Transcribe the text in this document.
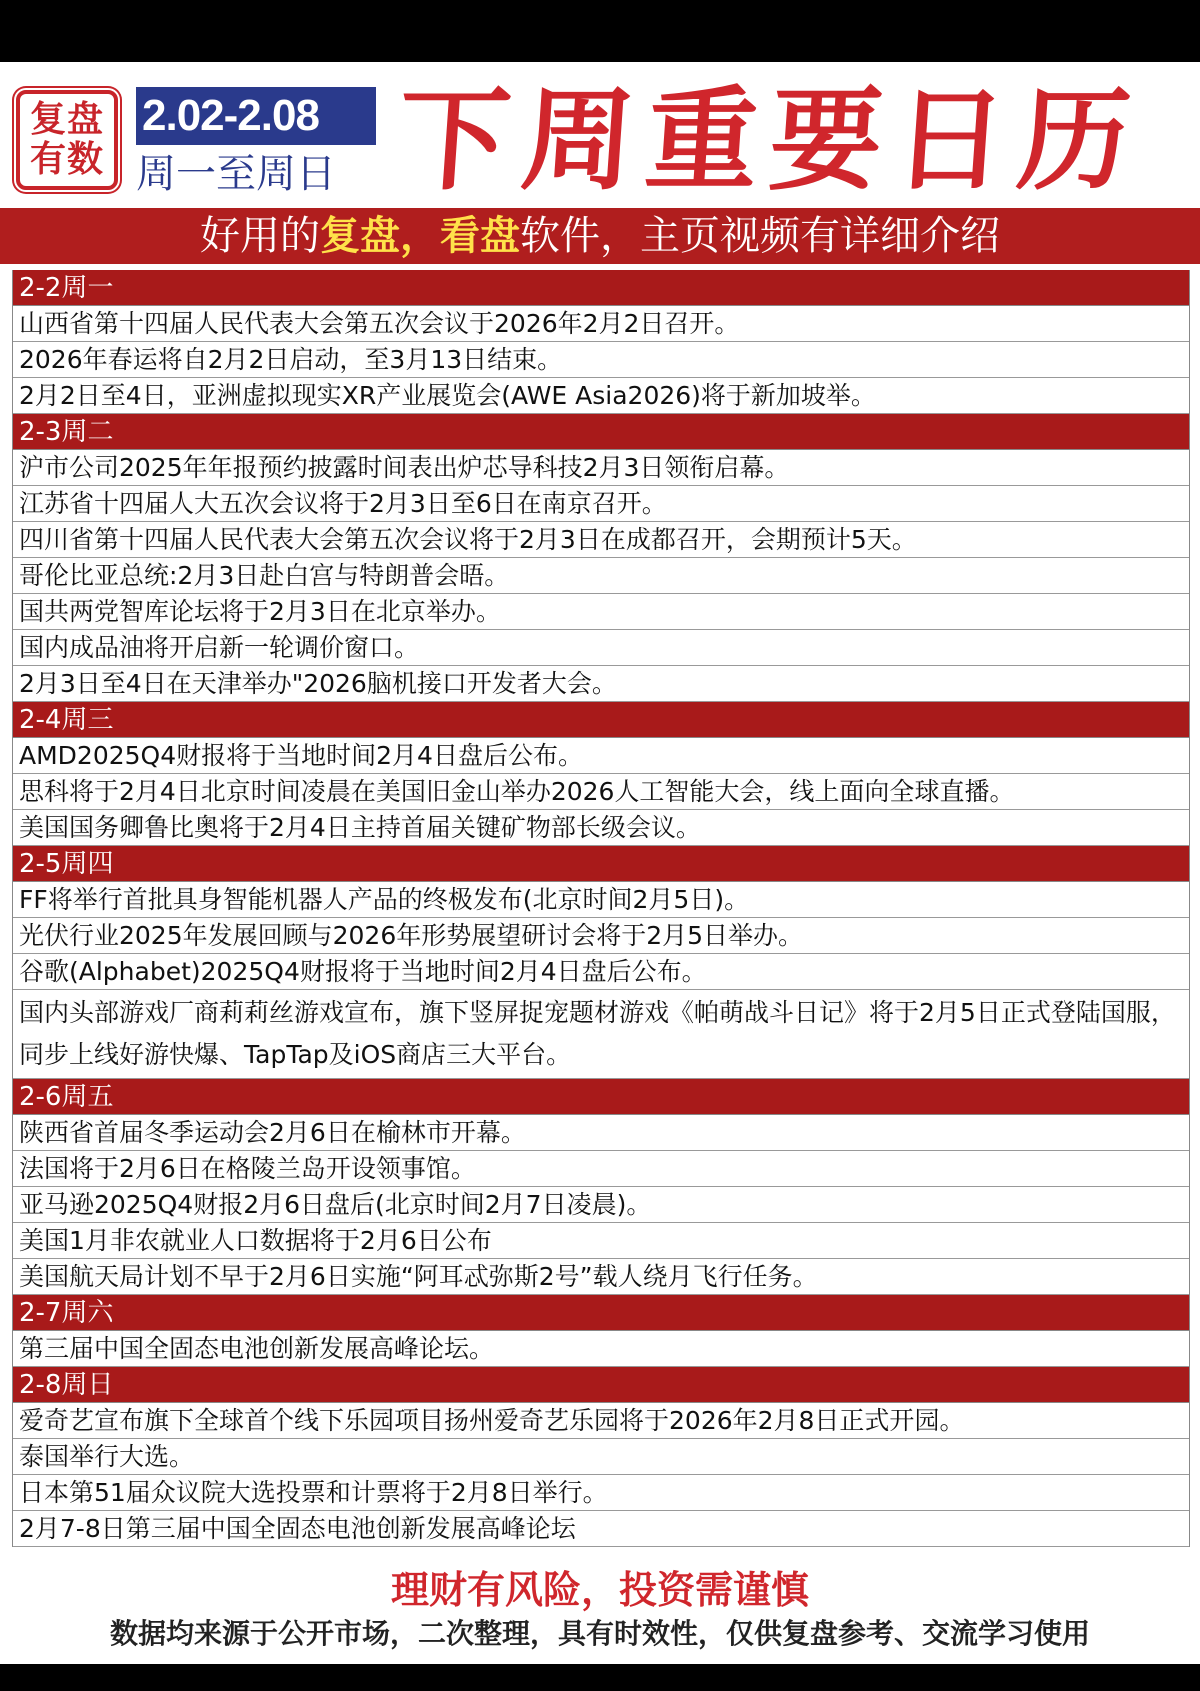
复盘
有数
2.02-2.08
周一至周日 下周重要日历
好用的复盘，看盘软件，主页视频有详细介绍
2-2周一
山西省第十四届人民代表大会第五次会议于2026年2月2日召开。
2026年春运将自2月2日启动，至3月13日结束。
2月2日至4日，亚洲虚拟现实XR产业展览会(AWE Asia2026)将于新加坡举。
2-3周二
沪市公司2025年年报预约披露时间表出炉芯导科技2月3日领衔启幕。
江苏省十四届人大五次会议将于2月3日至6日在南京召开。
四川省第十四届人民代表大会第五次会议将于2月3日在成都召开，会期预计5天。
哥伦比亚总统:2月3日赴白宫与特朗普会晤。
国共两党智库论坛将于2月3日在北京举办。
国内成品油将开启新一轮调价窗口。
2月3日至4日在天津举办"2026脑机接口开发者大会。
2-4周三
AMD2025Q4财报将于当地时间2月4日盘后公布。
思科将于2月4日北京时间凌晨在美国旧金山举办2026人工智能大会，线上面向全球直播。
美国国务卿鲁比奥将于2月4日主持首届关键矿物部长级会议。
2-5周四
FF将举行首批具身智能机器人产品的终极发布(北京时间2月5日)。
光伏行业2025年发展回顾与2026年形势展望研讨会将于2月5日举办。
谷歌(Alphabet)2025Q4财报将于当地时间2月4日盘后公布。
国内头部游戏厂商莉莉丝游戏宣布，旗下竖屏捉宠题材游戏《帕萌战斗日记》将于2月5日正式登陆国服，同步上线好游快爆、TapTap及iOS商店三大平台。
2-6周五
陕西省首届冬季运动会2月6日在榆林市开幕。
法国将于2月6日在格陵兰岛开设领事馆。
亚马逊2025Q4财报2月6日盘后(北京时间2月7日凌晨)。
美国1月非农就业人口数据将于2月6日公布
美国航天局计划不早于2月6日实施“阿耳忒弥斯2号”载人绕月飞行任务。
2-7周六
第三届中国全固态电池创新发展高峰论坛。
2-8周日
爱奇艺宣布旗下全球首个线下乐园项目扬州爱奇艺乐园将于2026年2月8日正式开园。
泰国举行大选。
日本第51届众议院大选投票和计票将于2月8日举行。
2月7-8日第三届中国全固态电池创新发展高峰论坛
理财有风险，投资需谨慎
数据均来源于公开市场，二次整理，具有时效性，仅供复盘参考、交流学习使用
